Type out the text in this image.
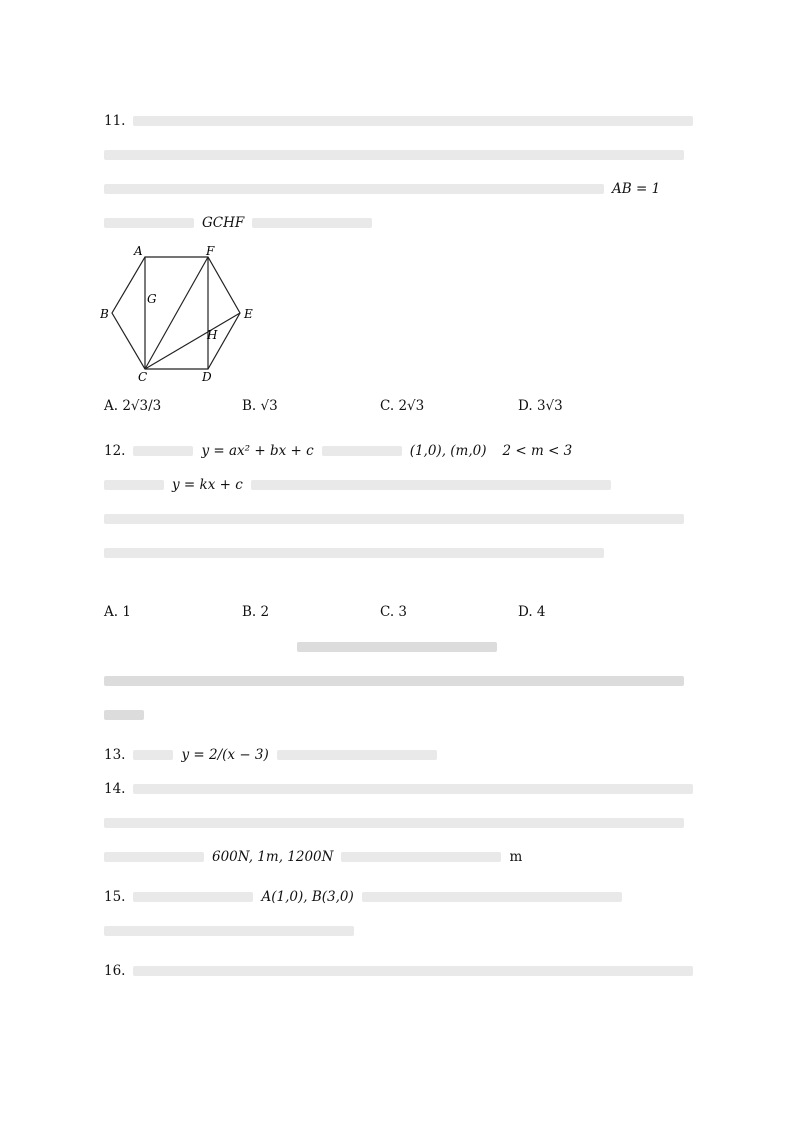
11.
AB = 1
GCHF
A	F
B	E
C	D
G
H
A. 2√3/3	B. √3	C. 2√3	D. 3√3
12.	y = ax² + bx + c	(1,0), (m,0) 2 < m < 3
y = kx + c
A. 1	B. 2	C. 3	D. 4
13.	y = 2/(x − 3)
14.
600N, 1m, 1200N	m
15.	A(1,0), B(3,0)
16.
